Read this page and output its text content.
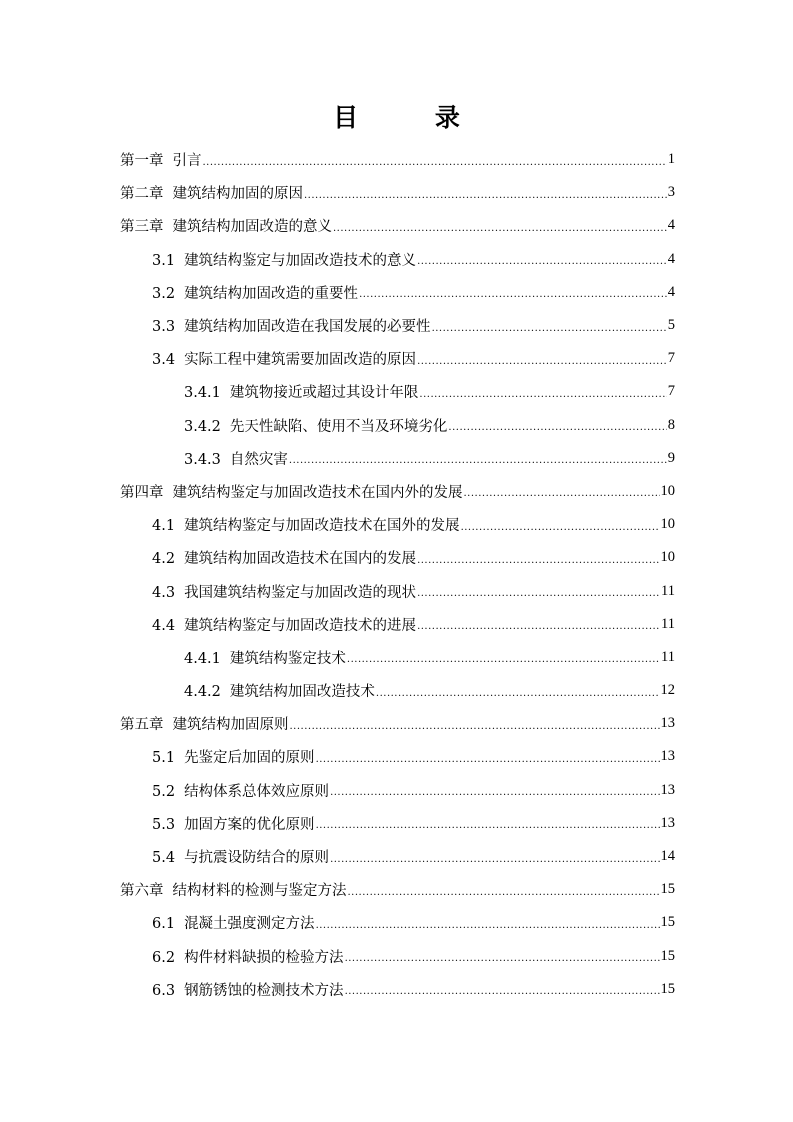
目 录
第一章 引言 .....	1
第二章 建筑结构加固的原因 .....	3
第三章 建筑结构加固改造的意义 .....	4
3.1 建筑结构鉴定与加固改造技术的意义 .....	4
3.2 建筑结构加固改造的重要性 .....	4
3.3 建筑结构加固改造在我国发展的必要性 .....	5
3.4 实际工程中建筑需要加固改造的原因 .....	7
3.4.1 建筑物接近或超过其设计年限 .....	7
3.4.2 先天性缺陷、使用不当及环境劣化 .....	8
3.4.3 自然灾害 .....	9
第四章 建筑结构鉴定与加固改造技术在国内外的发展 .....	10
4.1 建筑结构鉴定与加固改造技术在国外的发展 .....	10
4.2 建筑结构加固改造技术在国内的发展 .....	10
4.3 我国建筑结构鉴定与加固改造的现状 .....	11
4.4 建筑结构鉴定与加固改造技术的进展 .....	11
4.4.1 建筑结构鉴定技术 .....	11
4.4.2 建筑结构加固改造技术 .....	12
第五章 建筑结构加固原则 .....	13
5.1 先鉴定后加固的原则 .....	13
5.2 结构体系总体效应原则 .....	13
5.3 加固方案的优化原则 .....	13
5.4 与抗震设防结合的原则 .....	14
第六章 结构材料的检测与鉴定方法 .....	15
6.1 混凝土强度测定方法 .....	15
6.2 构件材料缺损的检验方法 .....	15
6.3 钢筋锈蚀的检测技术方法 .....	15
